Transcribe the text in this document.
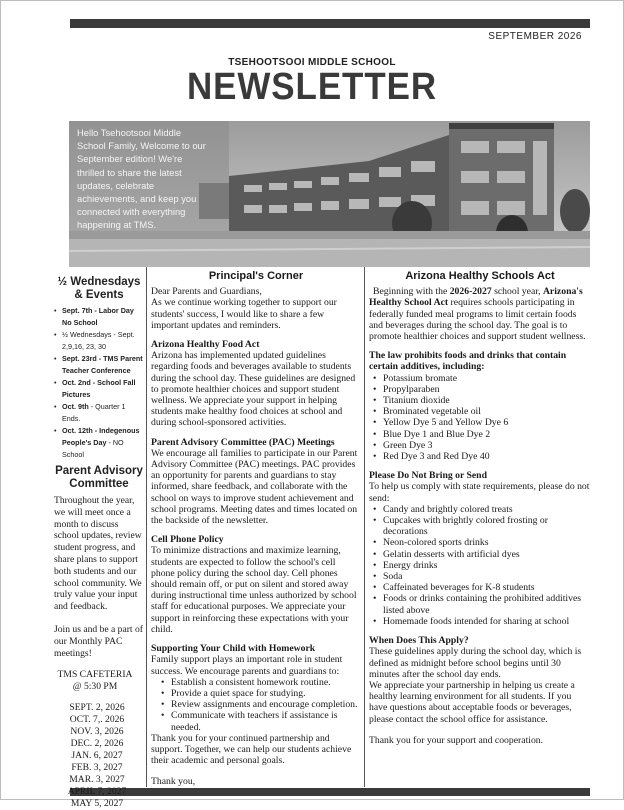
SEPTEMBER 2026
TSEHOOTSOOI MIDDLE SCHOOL
NEWSLETTER
Hello Tsehootsooi Middle School Family, Welcome to our September edition! We're thrilled to share the latest updates, celebrate achievements, and keep you connected with everything happening at TMS.
½ Wednesdays & Events
• Sept. 7th - Labor Day No School
• ½ Wednesdays - Sept. 2,9,16, 23, 30
• Sept. 23rd - TMS Parent Teacher Conference
• Oct. 2nd - School Fall Pictures
• Oct. 9th - Quarter 1 Ends.
• Oct. 12th - Indegenous People's Day - NO School
Parent Advisory Committee

Throughout the year, we will meet once a month to discuss school updates, review student progress, and share plans to support both students and our school community. We truly value your input and feedback.

Join us and be a part of our Monthly PAC meetings!

TMS CAFETERIA @ 5:30 PM

SEPT. 2, 2026
OCT. 7,. 2026
NOV. 3, 2026
DEC. 2, 2026
JAN. 6, 2027
FEB. 3, 2027
MAR. 3, 2027
APRIL 7, 2027
MAY 5, 2027
Principal's Corner

Dear Parents and Guardians,

As we continue working together to support our students' success, I would like to share a few important updates and reminders.

Arizona Healthy Food Act

Arizona has implemented updated guidelines regarding foods and beverages available to students during the school day. These guidelines are designed to promote healthier choices and support student wellness. We appreciate your support in helping students make healthy food choices at school and during school-sponsored activities.

Parent Advisory Committee (PAC) Meetings

We encourage all families to participate in our Parent Advisory Committee (PAC) meetings. PAC provides an opportunity for parents and guardians to stay informed, share feedback, and collaborate with the school on ways to improve student achievement and school programs. Meeting dates and times located on the backside of the newsletter.

Cell Phone Policy

To minimize distractions and maximize learning, students are expected to follow the school's cell phone policy during the school day. Cell phones should remain off, or put on silent and stored away during instructional time unless authorized by school staff for educational purposes. We appreciate your support in reinforcing these expectations with your child.

Supporting Your Child with Homework

Family support plays an important role in student success. We encourage parents and guardians to:

• Establish a consistent homework routine.
• Provide a quiet space for studying.
• Review assignments and encourage completion.
• Communicate with teachers if assistance is needed.

Thank you for your continued partnership and support. Together, we can help our students achieve their academic and personal goals.

Thank you,

Arizona Healthy Schools Act

Beginning with the 2026-2027 school year, Arizona's Healthy School Act requires schools participating in federally funded meal programs to limit certain foods and beverages during the school day. The goal is to promote healthier choices and support student wellness.

The law prohibits foods and drinks that contain certain additives, including:
• Potassium bromate
• Propylparaben
• Titanium dioxide
• Brominated vegetable oil
• Yellow Dye 5 and Yellow Dye 6
• Blue Dye 1 and Blue Dye 2
• Green Dye 3
• Red Dye 3 and Red Dye 40
Please Do Not Bring or Send

To help us comply with state requirements, please do not send:

• Candy and brightly colored treats
• Cupcakes with brightly colored frosting or decorations
• Neon-colored sports drinks
• Gelatin desserts with artificial dyes
• Energy drinks
• Soda
• Caffeinated beverages for K-8 students
• Foods or drinks containing the prohibited additives listed above
• Homemade foods intended for sharing at school
When Does This Apply?

These guidelines apply during the school day, which is defined as midnight before school begins until 30 minutes after the school day ends.

We appreciate your partnership in helping us create a healthy learning environment for all students. If you have questions about acceptable foods or beverages, please contact the school office for assistance.

Thank you for your support and cooperation.
